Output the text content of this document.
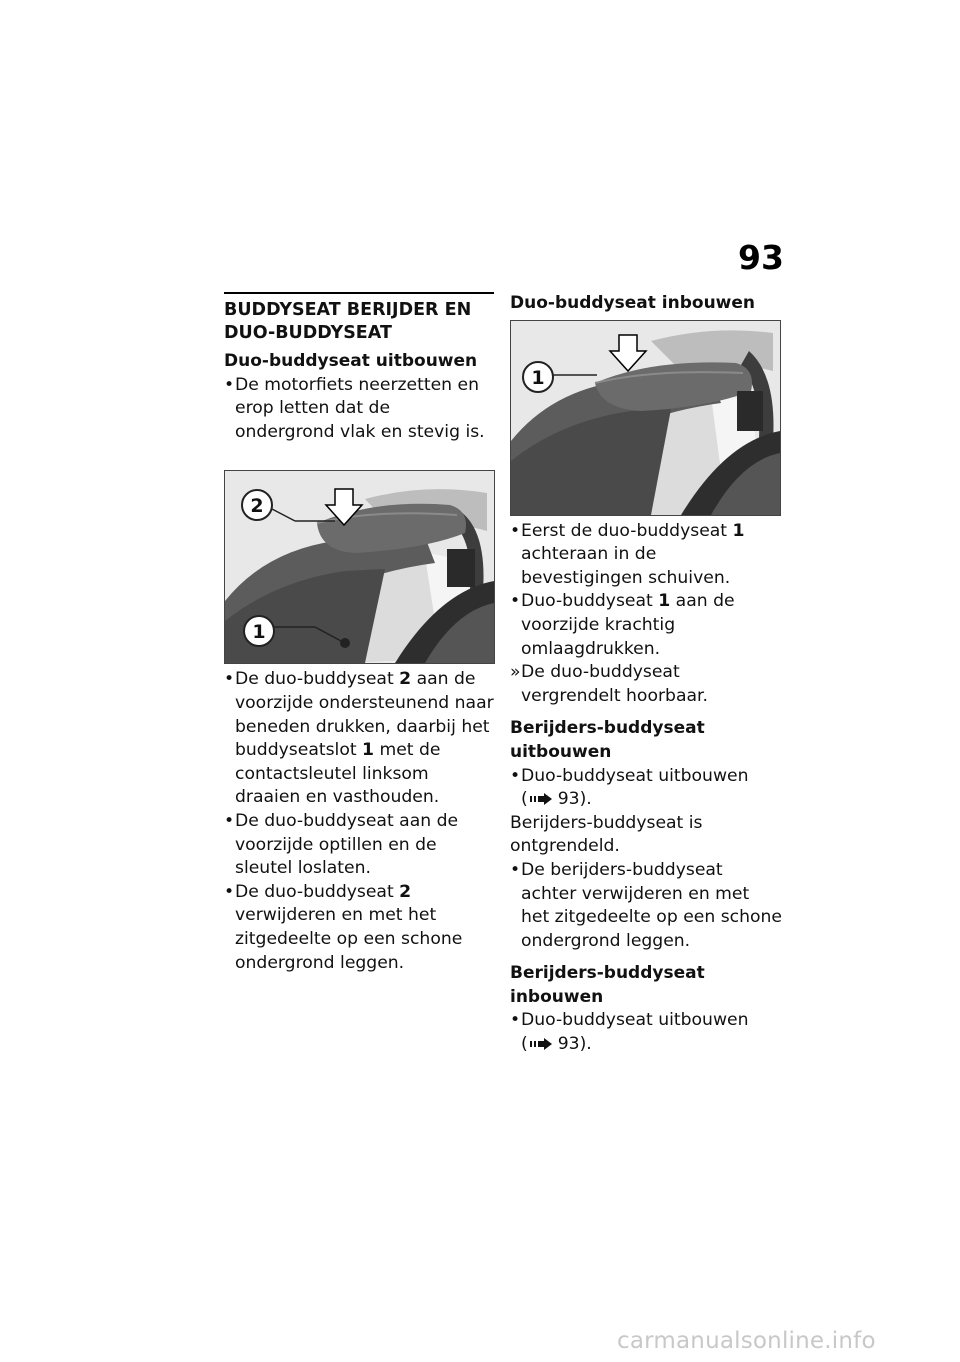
93
BUDDYSEAT BERIJDER EN DUO-BUDDYSEAT
Duo-buddyseat uitbouwen
• De motorfiets neerzetten en erop letten dat de ondergrond vlak en stevig is.
2
1
• De duo-buddyseat 2 aan de voorzijde ondersteunend naar beneden drukken, daarbij het buddyseatslot 1 met de contactsleutel linksom draaien en vasthouden.
• De duo-buddyseat aan de voorzijde optillen en de sleutel loslaten.
• De duo-buddyseat 2 verwijderen en met het zitgedeelte op een schone ondergrond leggen.
Duo-buddyseat inbouwen
1
• Eerst de duo-buddyseat 1 achteraan in de bevestigingen schuiven.
• Duo-buddyseat 1 aan de voorzijde krachtig omlaagdrukken.
» De duo-buddyseat vergrendelt hoorbaar.
Berijders-buddyseat uitbouwen
• Duo-buddyseat uitbouwen
( 93).
Berijders-buddyseat is ontgrendeld.
• De berijders-buddyseat achter verwijderen en met het zitgedeelte op een schone ondergrond leggen.
Berijders-buddyseat inbouwen
• Duo-buddyseat uitbouwen
( 93).
carmanualsonline.info
